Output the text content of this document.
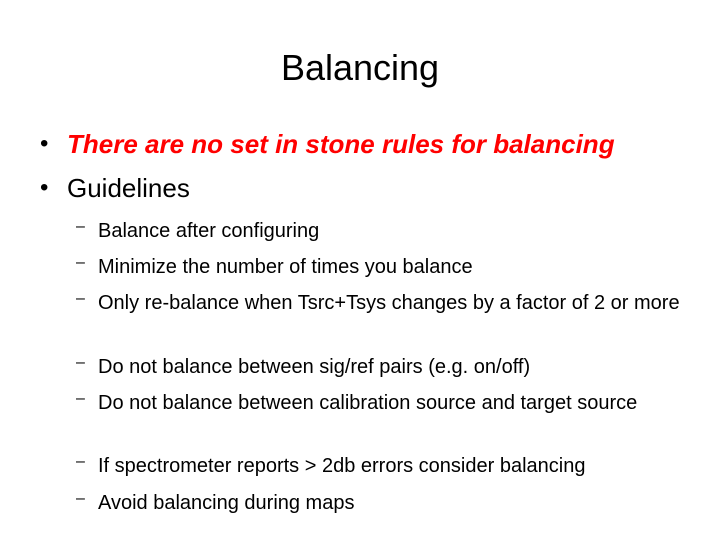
Balancing
• There are no set in stone rules for balancing
• Guidelines
– Balance after configuring
– Minimize the number of times you balance
– Only re-balance when Tsrc+Tsys changes by a factor of 2 or more
– Do not balance between sig/ref pairs (e.g. on/off)
– Do not balance between calibration source and target source
– If spectrometer reports > 2db errors consider balancing
– Avoid balancing during maps
